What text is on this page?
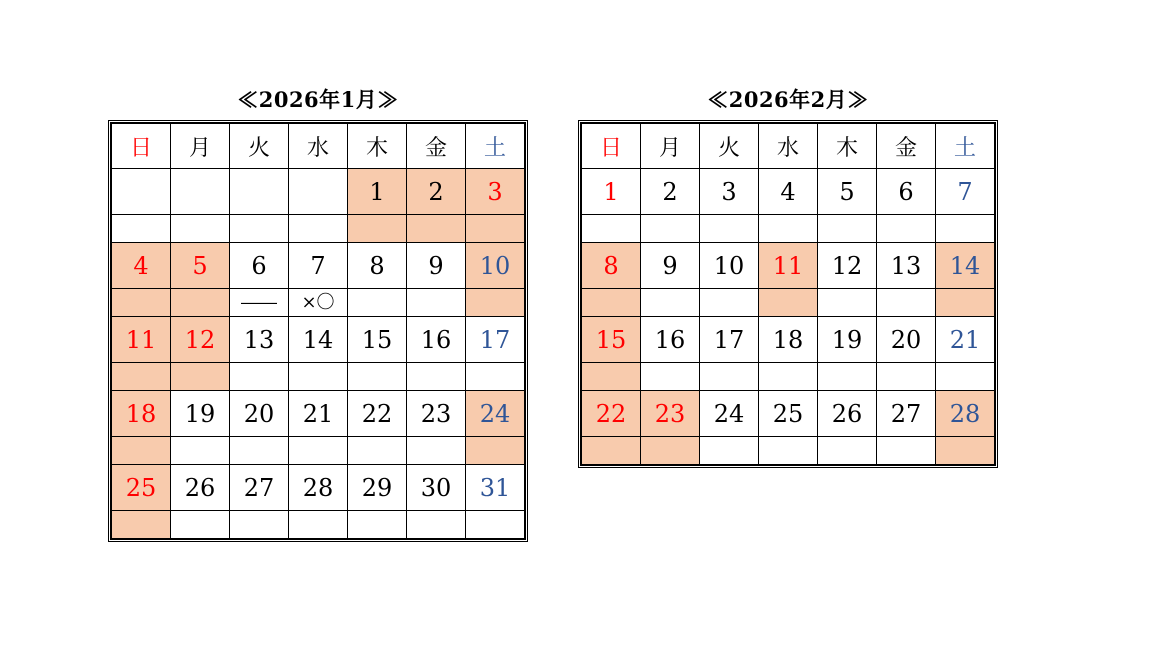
≪2026年1月≫
日	月	火	水	木	金	土
				1	2	3

4	5	6	7	8	9	10
		――	×〇			
11	12	13	14	15	16	17

18	19	20	21	22	23	24

25	26	27	28	29	30	31

≪2026年2月≫
日	月	火	水	木	金	土
1	2	3	4	5	6	7

8	9	10	11	12	13	14

15	16	17	18	19	20	21

22	23	24	25	26	27	28
